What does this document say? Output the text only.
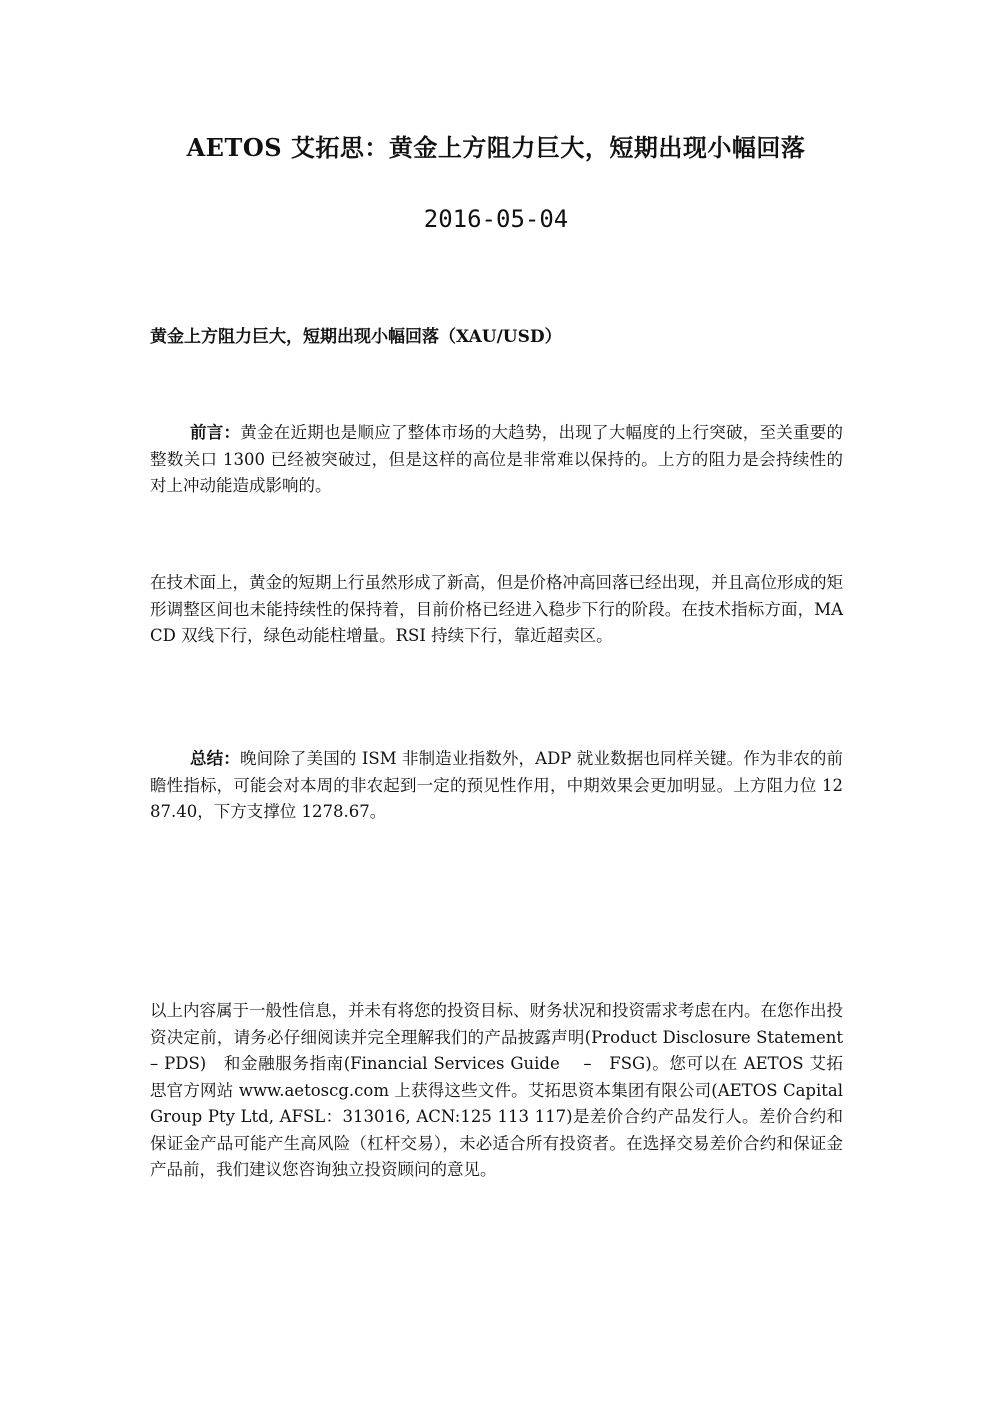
AETOS 艾拓思：黄金上方阻力巨大，短期出现小幅回落
2016-05-04
黄金上方阻力巨大，短期出现小幅回落（XAU/USD）

前言：黄金在近期也是顺应了整体市场的大趋势，出现了大幅度的上行突破，至关重要的整数关口 1300 已经被突破过，但是这样的高位是非常难以保持的。上方的阻力是会持续性的对上冲动能造成影响的。

在技术面上，黄金的短期上行虽然形成了新高，但是价格冲高回落已经出现，并且高位形成的矩形调整区间也未能持续性的保持着，目前价格已经进入稳步下行的阶段。在技术指标方面，MACD 双线下行，绿色动能柱增量。RSI 持续下行，靠近超卖区。

总结：晚间除了美国的 ISM 非制造业指数外，ADP 就业数据也同样关键。作为非农的前瞻性指标，可能会对本周的非农起到一定的预见性作用，中期效果会更加明显。上方阻力位 1287.40，下方支撑位 1278.67。

以上内容属于一般性信息，并未有将您的投资目标、财务状况和投资需求考虑在内。在您作出投资决定前，请务必仔细阅读并完全理解我们的产品披露声明(Product Disclosure Statement – PDS)　和金融服务指南(Financial Services Guide　 –　FSG)。您可以在 AETOS 艾拓思官方网站 www.aetoscg.com 上获得这些文件。艾拓思资本集团有限公司(AETOS Capital Group Pty Ltd, AFSL：313016, ACN:125 113 117)是差价合约产品发行人。差价合约和保证金产品可能产生高风险（杠杆交易），未必适合所有投资者。在选择交易差价合约和保证金产品前，我们建议您咨询独立投资顾问的意见。
